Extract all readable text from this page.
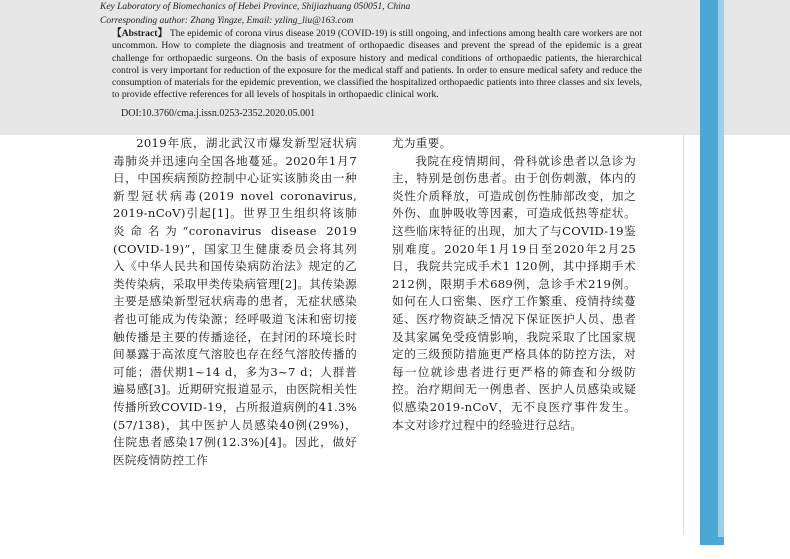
Key Laboratory of Biomechanics of Hebei Province, Shijiazhuang 050051, China
Corresponding author: Zhang Yingze, Email: yzling_liu@163.com
【Abstract】 The epidemic of corona virus disease 2019 (COVID-19) is still ongoing, and infections among health care workers are not uncommon. How to complete the diagnosis and treatment of orthopaedic diseases and prevent the spread of the epidemic is a great challenge for orthopaedic surgeons. On the basis of exposure history and medical conditions of orthopaedic patients, the hierarchical control is very important for reduction of the exposure for the medical staff and patients. In order to ensure medical safety and reduce the consumption of materials for the epidemic prevention, we classified the hospitalized orthopaedic patients into three classes and six levels, to provide effective references for all levels of hospitals in orthopaedic clinical work.
DOI:10.3760/cma.j.issn.0253-2352.2020.05.001

2019年底，湖北武汉市爆发新型冠状病毒肺炎并迅速向全国各地蔓延。2020年1月7日，中国疾病预防控制中心证实该肺炎由一种新型冠状病毒(2019 novel coronavirus, 2019-nCoV)引起[1]。世界卫生组织将该肺炎命名为“coronavirus disease 2019 (COVID-19)”，国家卫生健康委员会将其列入《中华人民共和国传染病防治法》规定的乙类传染病，采取甲类传染病管理[2]。其传染源主要是感染新型冠状病毒的患者，无症状感染者也可能成为传染源；经呼吸道飞沫和密切接触传播是主要的传播途径，在封闭的环境长时间暴露于高浓度气溶胶也存在经气溶胶传播的可能；潜伏期1~14 d，多为3~7 d；人群普遍易感[3]。近期研究报道显示，由医院相关性传播所致COVID-19，占所报道病例的41.3%(57/138)，其中医护人员感染40例(29%)，住院患者感染17例(12.3%)[4]。因此，做好医院疫情防控工作

尤为重要。

我院在疫情期间，骨科就诊患者以急诊为主，特别是创伤患者。由于创伤刺激，体内的炎性介质释放，可造成创伤性肺部改变，加之外伤、血肿吸收等因素，可造成低热等症状。这些临床特征的出现，加大了与COVID-19鉴别难度。2020年1月19日至2020年2月25日，我院共完成手术1 120例，其中择期手术212例，限期手术689例，急诊手术219例。如何在人口密集、医疗工作繁重、疫情持续蔓延、医疗物资缺乏情况下保证医护人员、患者及其家属免受疫情影响，我院采取了比国家规定的三级预防措施更严格具体的防控方法，对每一位就诊患者进行更严格的筛查和分级防控。治疗期间无一例患者、医护人员感染或疑似感染2019-nCoV，无不良医疗事件发生。本文对诊疗过程中的经验进行总结。
